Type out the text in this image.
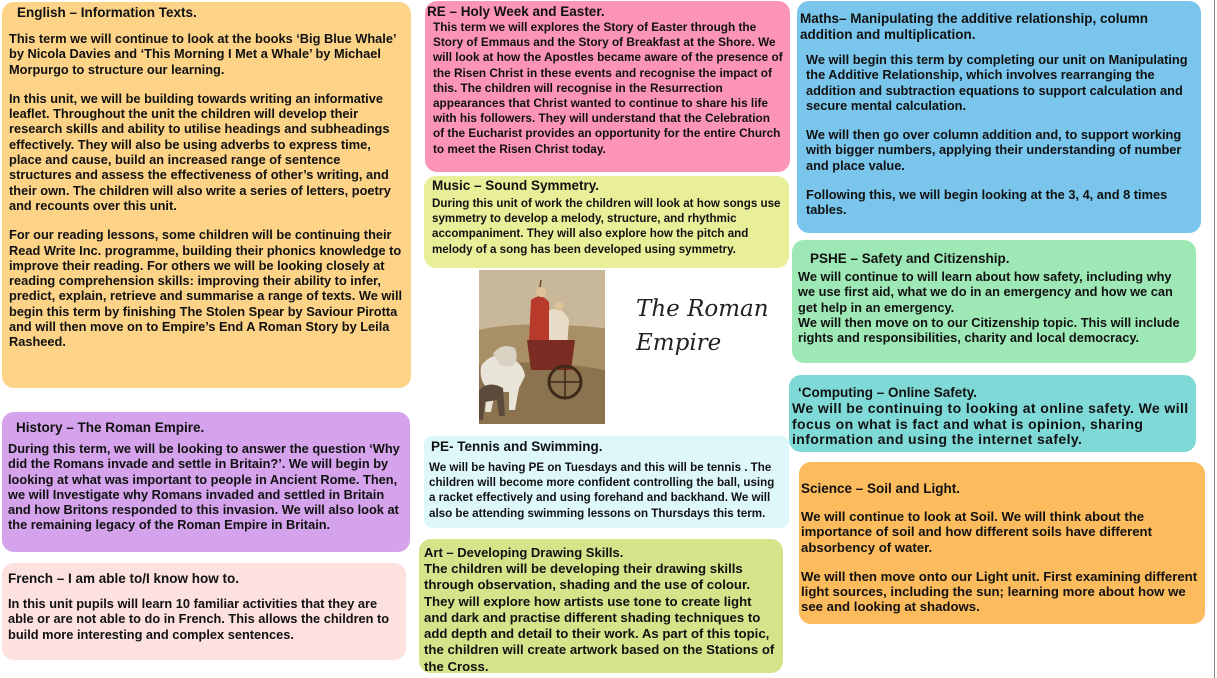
English – Information Texts.

This term we will continue to look at the books ‘Big Blue Whale’ by Nicola Davies and ‘This Morning I Met a Whale’ by Michael Morpurgo to structure our learning.

In this unit, we will be building towards writing an informative leaflet. Throughout the unit the children will develop their research skills and ability to utilise headings and subheadings effectively. They will also be using adverbs to express time, place and cause, build an increased range of sentence structures and assess the effectiveness of other’s writing, and their own. The children will also write a series of letters, poetry and recounts over this unit.

For our reading lessons, some children will be continuing their Read Write Inc. programme, building their phonics knowledge to improve their reading. For others we will be looking closely at reading comprehension skills: improving their ability to infer, predict, explain, retrieve and summarise a range of texts. We will begin this term by finishing The Stolen Spear by Saviour Pirotta and will then move on to Empire’s End A Roman Story by Leila Rasheed.

History – The Roman Empire.

During this term, we will be looking to answer the question ‘Why did the Romans invade and settle in Britain?’. We will begin by looking at what was important to people in Ancient Rome. Then, we will Investigate why Romans invaded and settled in Britain and how Britons responded to this invasion. We will also look at the remaining legacy of the Roman Empire in Britain.

French – I am able to/I know how to.

In this unit pupils will learn 10 familiar activities that they are able or are not able to do in French. This allows the children to build more interesting and complex sentences.

RE – Holy Week and Easter.

This term we will explores the Story of Easter through the Story of Emmaus and the Story of Breakfast at the Shore. We will look at how the Apostles became aware of the presence of the Risen Christ in these events and recognise the impact of this. The children will recognise in the Resurrection appearances that Christ wanted to continue to share his life with his followers. They will understand that the Celebration of the Eucharist provides an opportunity for the entire Church to meet the Risen Christ today.

Music – Sound Symmetry.

During this unit of work the children will look at how songs use symmetry to develop a melody, structure, and rhythmic accompaniment. They will also explore how the pitch and melody of a song has been developed using symmetry.

The Roman
Empire

PE- Tennis and Swimming.

We will be having PE on Tuesdays and this will be tennis . The children will become more confident controlling the ball, using a racket effectively and using forehand and backhand. We will also be attending swimming lessons on Thursdays this term.

Art – Developing Drawing Skills.

The children will be developing their drawing skills through observation, shading and the use of colour. They will explore how artists use tone to create light and dark and practise different shading techniques to add depth and detail to their work. As part of this topic, the children will create artwork based on the Stations of the Cross.

Maths– Manipulating the additive relationship, column addition and multiplication.

We will begin this term by completing our unit on Manipulating the Additive Relationship, which involves rearranging the addition and subtraction equations to support calculation and secure mental calculation.

We will then go over column addition and, to support working with bigger numbers, applying their understanding of number and place value.

Following this, we will begin looking at the 3, 4, and 8 times tables.

PSHE – Safety and Citizenship.

We will continue to will learn about how safety, including why we use first aid, what we do in an emergency and how we can get help in an emergency.

We will then move on to our Citizenship topic. This will include rights and responsibilities, charity and local democracy.

‘Computing – Online Safety.

We will be continuing to looking at online safety. We will focus on what is fact and what is opinion, sharing information and using the internet safely.

Science – Soil and Light.

We will continue to look at Soil. We will think about the importance of soil and how different soils have different absorbency of water.

We will then move onto our Light unit. First examining different light sources, including the sun; learning more about how we see and looking at shadows.
